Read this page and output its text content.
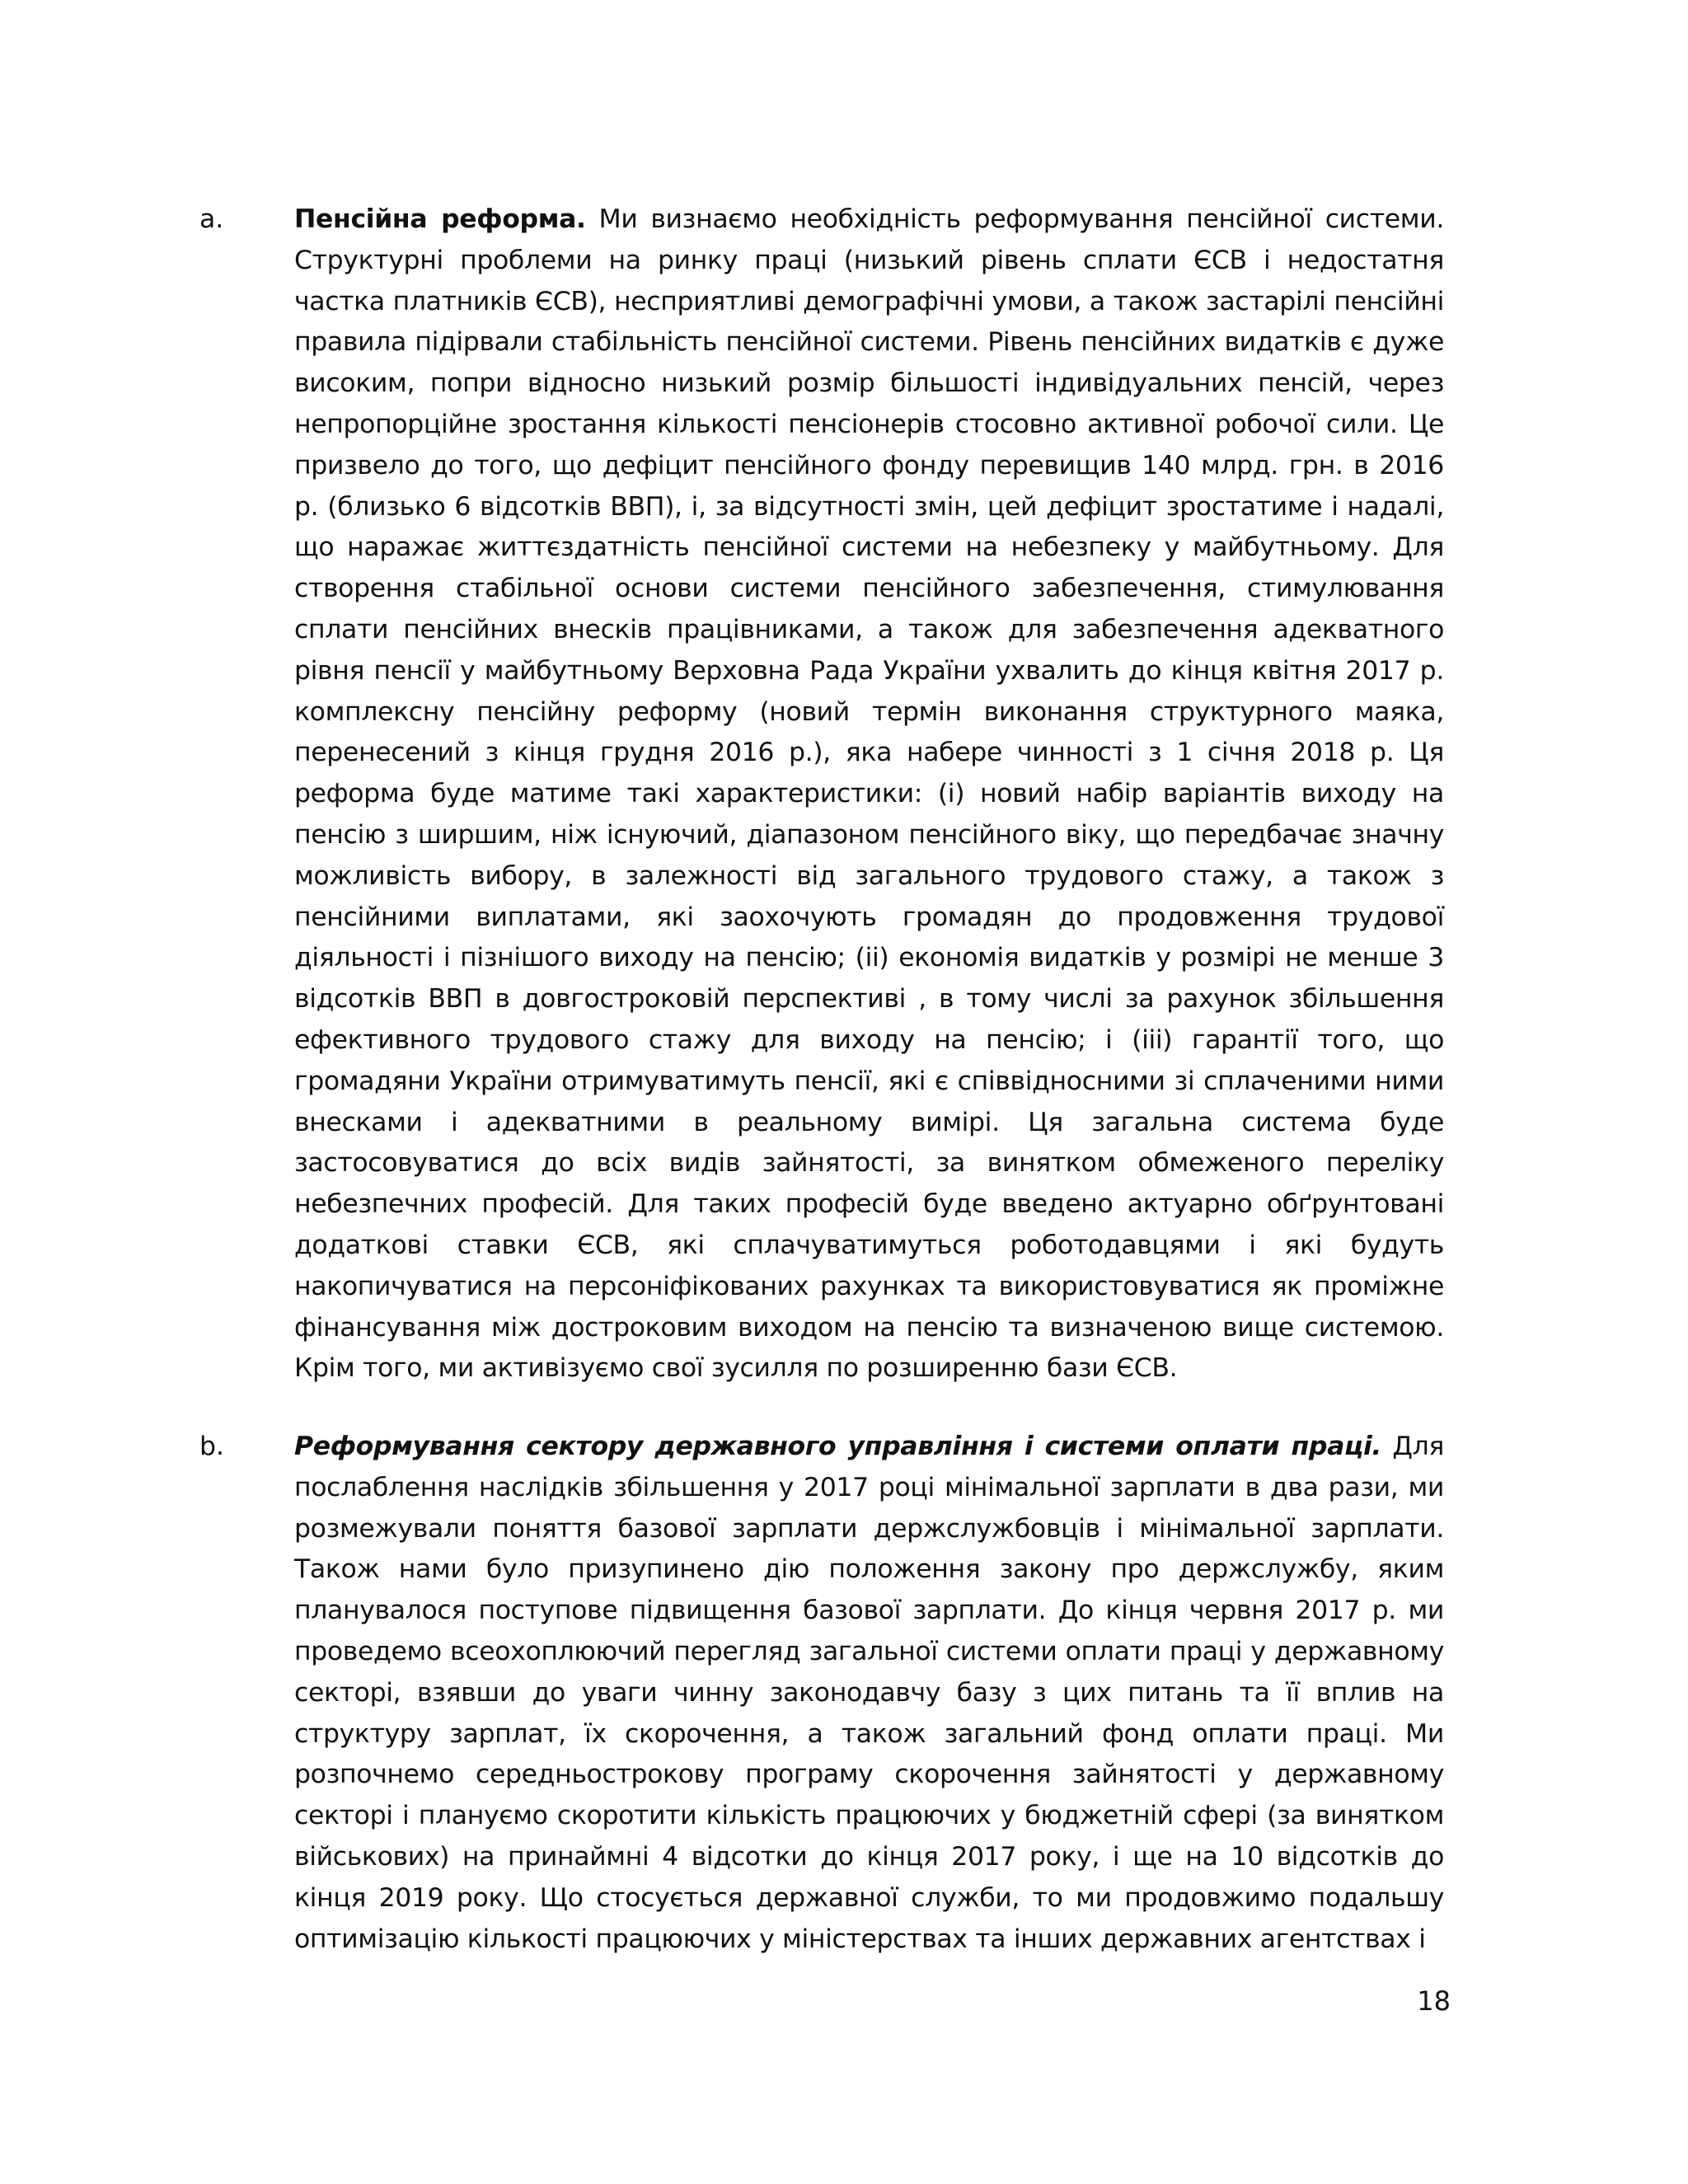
a.	Пенсійна реформа. Ми визнаємо необхідність реформування пенсійної системи. Структурні проблеми на ринку праці (низький рівень сплати ЄСВ і недостатня частка платників ЄСВ), несприятливі демографічні умови, а також застарілі пенсійні правила підірвали стабільність пенсійної системи. Рівень пенсійних видатків є дуже високим, попри відносно низький розмір більшості індивідуальних пенсій, через непропорційне зростання кількості пенсіонерів стосовно активної робочої сили. Це призвело до того, що дефіцит пенсійного фонду перевищив 140 млрд. грн. в 2016 р. (близько 6 відсотків ВВП), і, за відсутності змін, цей дефіцит зростатиме і надалі, що наражає життєздатність пенсійної системи на небезпеку у майбутньому. Для створення стабільної основи системи пенсійного забезпечення, стимулювання сплати пенсійних внесків працівниками, а також для забезпечення адекватного рівня пенсії у майбутньому Верховна Рада України ухвалить до кінця квітня 2017 р. комплексну пенсійну реформу (новий термін виконання структурного маяка, перенесений з кінця грудня 2016 р.), яка набере чинності з 1 січня 2018 р. Ця реформа буде матиме такі характеристики: (i) новий набір варіантів виходу на пенсію з ширшим, ніж існуючий, діапазоном пенсійного віку, що передбачає значну можливість вибору, в залежності від загального трудового стажу, а також з пенсійними виплатами, які заохочують громадян до продовження трудової діяльності і пізнішого виходу на пенсію; (ii) економія видатків у розмірі не менше 3 відсотків ВВП в довгостроковій перспективі , в тому числі за рахунок збільшення ефективного трудового стажу для виходу на пенсію; і (iii) гарантії того, що громадяни України отримуватимуть пенсії, які є співвідносними зі сплаченими ними внесками і адекватними в реальному вимірі. Ця загальна система буде застосовуватися до всіх видів зайнятості, за винятком обмеженого переліку небезпечних професій. Для таких професій буде введено актуарно обґрунтовані додаткові ставки ЄСВ, які сплачуватимуться роботодавцями і які будуть накопичуватися на персоніфікованих рахунках та використовуватися як проміжне фінансування між достроковим виходом на пенсію та визначеною вище системою. Крім того, ми активізуємо свої зусилля по розширенню бази ЄСВ.

b.	Реформування сектору державного управління і системи оплати праці. Для послаблення наслідків збільшення у 2017 році мінімальної зарплати в два рази, ми розмежували поняття базової зарплати держслужбовців і мінімальної зарплати. Також нами було призупинено дію положення закону про держслужбу, яким планувалося поступове підвищення базової зарплати. До кінця червня 2017 р. ми проведемо всеохоплюючий перегляд загальної системи оплати праці у державному секторі, взявши до уваги чинну законодавчу базу з цих питань та її вплив на структуру зарплат, їх скорочення, а також загальний фонд оплати праці. Ми розпочнемо середньострокову програму скорочення зайнятості у державному секторі і плануємо скоротити кількість працюючих у бюджетній сфері (за винятком військових) на принаймні 4 відсотки до кінця 2017 року, і ще на 10 відсотків до кінця 2019 року. Що стосується державної служби, то ми продовжимо подальшу оптимізацію кількості працюючих у міністерствах та інших державних агентствах і

18
